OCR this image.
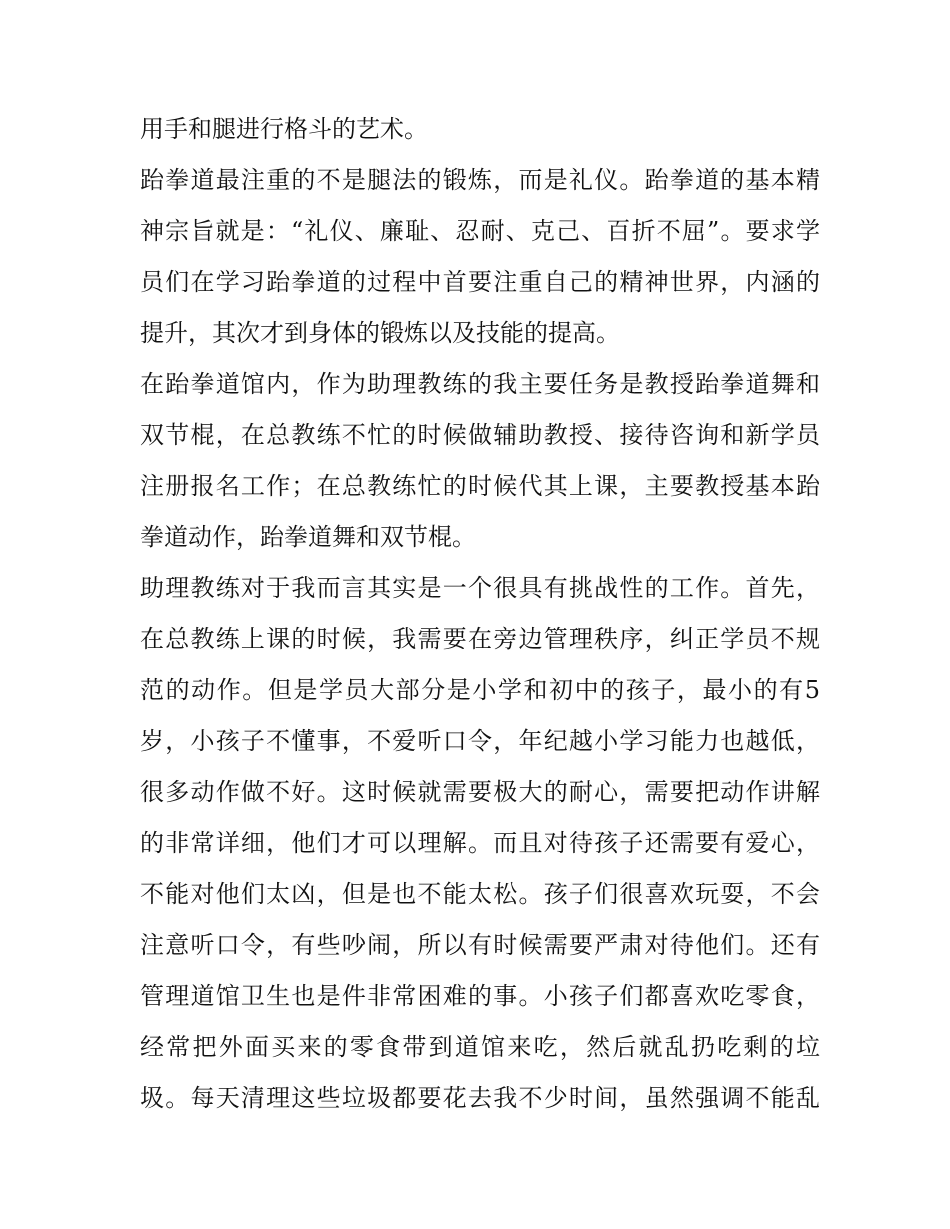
用手和腿进行格斗的艺术。
跆拳道最注重的不是腿法的锻炼，而是礼仪。跆拳道的基本精
神宗旨就是：“礼仪、廉耻、忍耐、克己、百折不屈”。要求学
员们在学习跆拳道的过程中首要注重自己的精神世界，内涵的
提升，其次才到身体的锻炼以及技能的提高。
在跆拳道馆内，作为助理教练的我主要任务是教授跆拳道舞和
双节棍，在总教练不忙的时候做辅助教授、接待咨询和新学员
注册报名工作；在总教练忙的时候代其上课，主要教授基本跆
拳道动作，跆拳道舞和双节棍。
助理教练对于我而言其实是一个很具有挑战性的工作。首先，
在总教练上课的时候，我需要在旁边管理秩序，纠正学员不规
范的动作。但是学员大部分是小学和初中的孩子，最小的有5
岁，小孩子不懂事，不爱听口令，年纪越小学习能力也越低，
很多动作做不好。这时候就需要极大的耐心，需要把动作讲解
的非常详细，他们才可以理解。而且对待孩子还需要有爱心，
不能对他们太凶，但是也不能太松。孩子们很喜欢玩耍，不会
注意听口令，有些吵闹，所以有时候需要严肃对待他们。还有
管理道馆卫生也是件非常困难的事。小孩子们都喜欢吃零食，
经常把外面买来的零食带到道馆来吃，然后就乱扔吃剩的垃
圾。每天清理这些垃圾都要花去我不少时间，虽然强调不能乱
